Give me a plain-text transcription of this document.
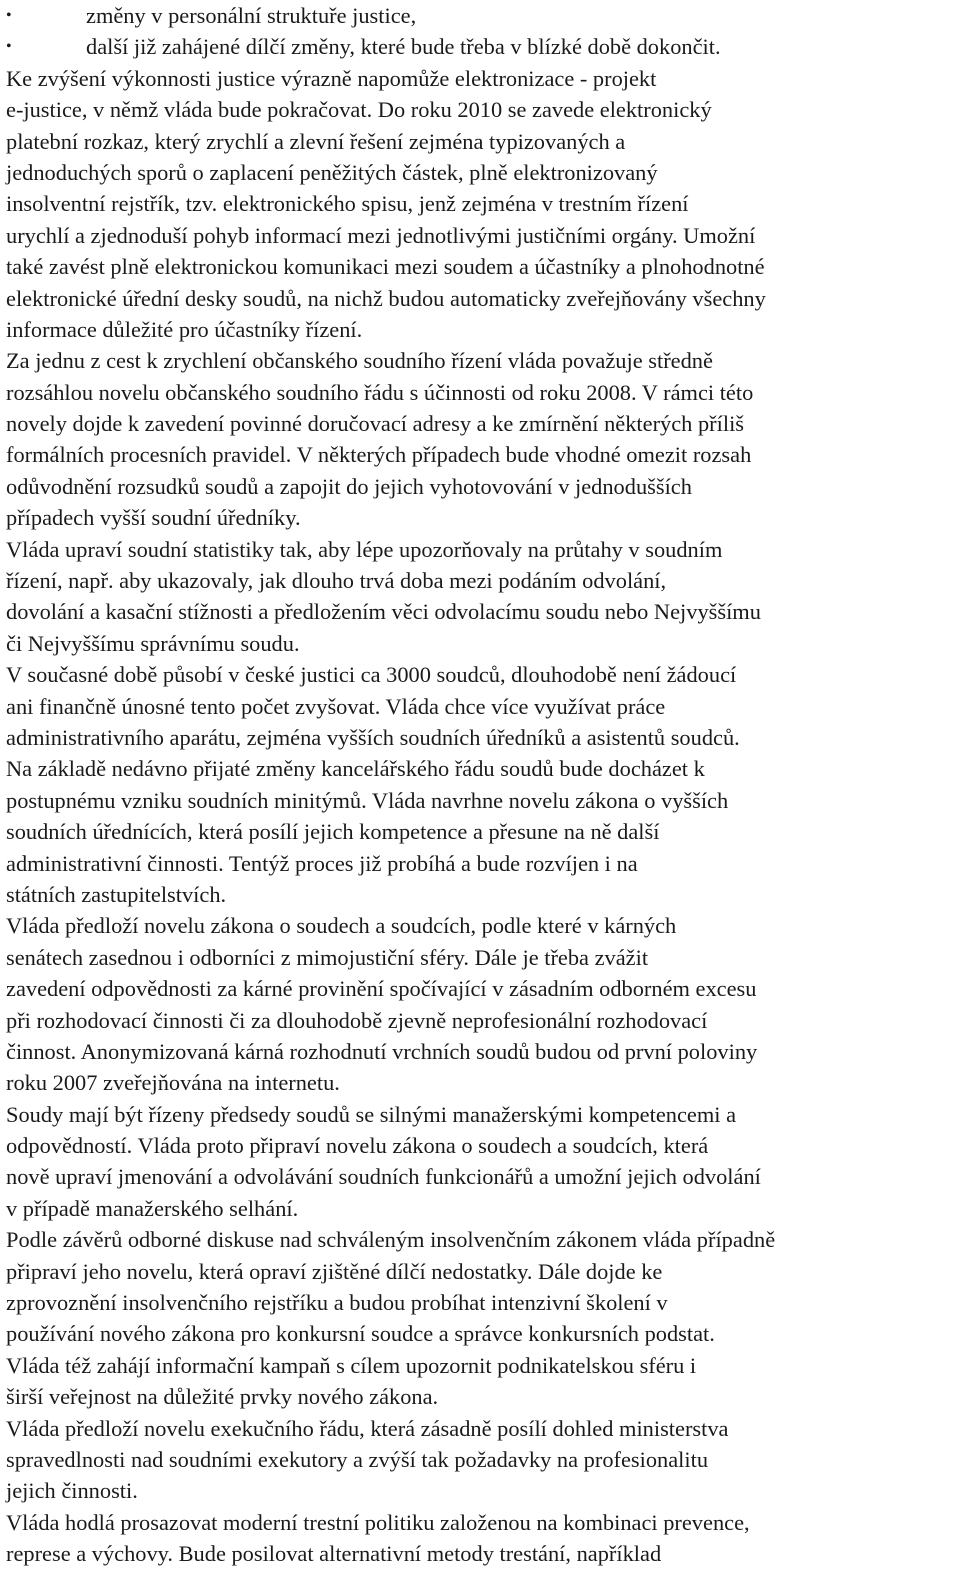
•	změny v personální struktuře justice,
•	další již zahájené dílčí změny, které bude třeba v blízké době dokončit.
Ke zvýšení výkonnosti justice výrazně napomůže elektronizace - projekt
e-justice, v němž vláda bude pokračovat. Do roku 2010 se zavede elektronický
platební rozkaz, který zrychlí a zlevní řešení zejména typizovaných a
jednoduchých sporů o zaplacení peněžitých částek, plně elektronizovaný
insolventní rejstřík, tzv. elektronického spisu, jenž zejména v trestním řízení
urychlí a zjednoduší pohyb informací mezi jednotlivými justičními orgány. Umožní
také zavést plně elektronickou komunikaci mezi soudem a účastníky a plnohodnotné
elektronické úřední desky soudů, na nichž budou automaticky zveřejňovány všechny
informace důležité pro účastníky řízení.
Za jednu z cest k zrychlení občanského soudního řízení vláda považuje středně
rozsáhlou novelu občanského soudního řádu s účinnosti od roku 2008. V rámci této
novely dojde k zavedení povinné doručovací adresy a ke zmírnění některých příliš
formálních procesních pravidel. V některých případech bude vhodné omezit rozsah
odůvodnění rozsudků soudů a zapojit do jejich vyhotovování v jednodušších
případech vyšší soudní úředníky.
Vláda upraví soudní statistiky tak, aby lépe upozorňovaly na průtahy v soudním
řízení, např. aby ukazovaly, jak dlouho trvá doba mezi podáním odvolání,
dovolání a kasační stížnosti a předložením věci odvolacímu soudu nebo Nejvyššímu
či Nejvyššímu správnímu soudu.
V současné době působí v české justici ca 3000 soudců, dlouhodobě není žádoucí
ani finančně únosné tento počet zvyšovat. Vláda chce více využívat práce
administrativního aparátu, zejména vyšších soudních úředníků a asistentů soudců.
Na základě nedávno přijaté změny kancelářského řádu soudů bude docházet k
postupnému vzniku soudních minitýmů. Vláda navrhne novelu zákona o vyšších
soudních úřednících, která posílí jejich kompetence a přesune na ně další
administrativní činnosti. Tentýž proces již probíhá a bude rozvíjen i na
státních zastupitelstvích.
Vláda předloží novelu zákona o soudech a soudcích, podle které v kárných
senátech zasednou i odborníci z mimojustiční sféry. Dále je třeba zvážit
zavedení odpovědnosti za kárné provinění spočívající v zásadním odborném excesu
při rozhodovací činnosti či za dlouhodobě zjevně neprofesionální rozhodovací
činnost. Anonymizovaná kárná rozhodnutí vrchních soudů budou od první poloviny
roku 2007 zveřejňována na internetu.
Soudy mají být řízeny předsedy soudů se silnými manažerskými kompetencemi a
odpovědností. Vláda proto připraví novelu zákona o soudech a soudcích, která
nově upraví jmenování a odvolávání soudních funkcionářů a umožní jejich odvolání
v případě manažerského selhání.
Podle závěrů odborné diskuse nad schváleným insolvenčním zákonem vláda případně
připraví jeho novelu, která opraví zjištěné dílčí nedostatky. Dále dojde ke
zprovoznění insolvenčního rejstříku a budou probíhat intenzivní školení v
používání nového zákona pro konkursní soudce a správce konkursních podstat.
Vláda též zahájí informační kampaň s cílem upozornit podnikatelskou sféru i
širší veřejnost na důležité prvky nového zákona.
Vláda předloží novelu exekučního řádu, která zásadně posílí dohled ministerstva
spravedlnosti nad soudními exekutory a zvýší tak požadavky na profesionalitu
jejich činnosti.
Vláda hodlá prosazovat moderní trestní politiku založenou na kombinaci prevence,
represe a výchovy. Bude posilovat alternativní metody trestání, například
